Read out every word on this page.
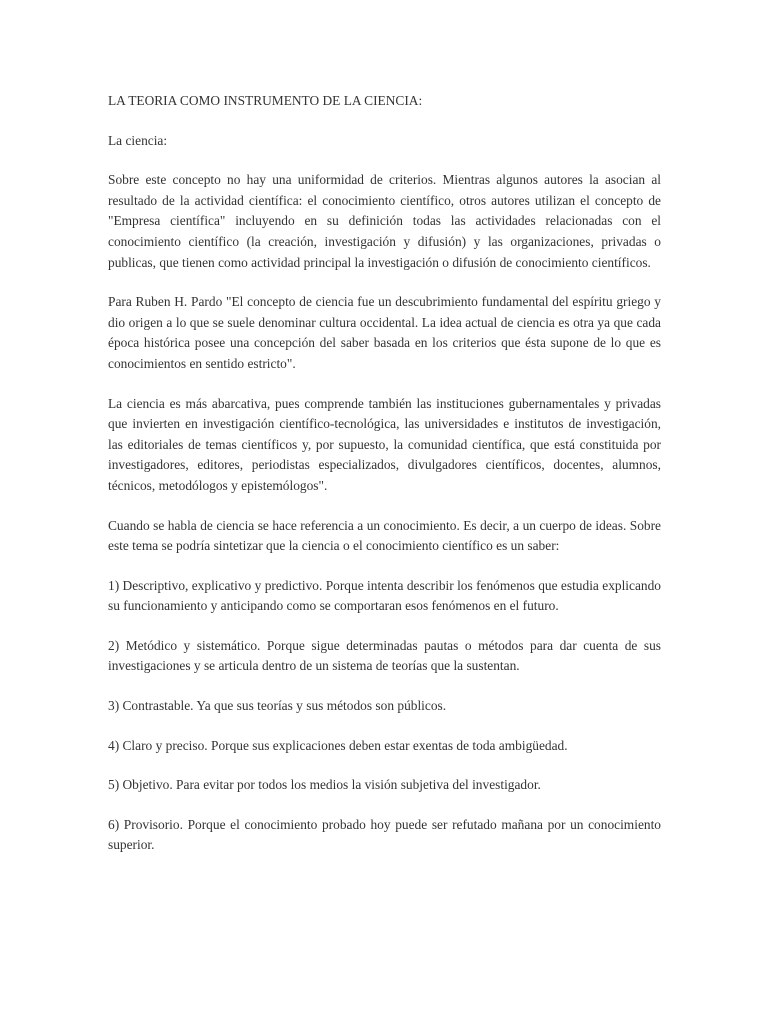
LA TEORIA COMO INSTRUMENTO DE LA CIENCIA:

La ciencia:

Sobre este concepto no hay una uniformidad de criterios. Mientras algunos autores la asocian al resultado de la actividad científica: el conocimiento científico, otros autores utilizan el concepto de "Empresa científica" incluyendo en su definición todas las actividades relacionadas con el conocimiento científico (la creación, investigación y difusión) y las organizaciones, privadas o publicas, que tienen como actividad principal la investigación o difusión de conocimiento científicos.

Para Ruben H. Pardo "El concepto de ciencia fue un descubrimiento fundamental del espíritu griego y dio origen a lo que se suele denominar cultura occidental. La idea actual de ciencia es otra ya que cada época histórica posee una concepción del saber basada en los criterios que ésta supone de lo que es conocimientos en sentido estricto".

La ciencia es más abarcativa, pues comprende también las instituciones gubernamentales y privadas que invierten en investigación científico-tecnológica, las universidades e institutos de investigación, las editoriales de temas científicos y, por supuesto, la comunidad científica, que está constituida por investigadores, editores, periodistas especializados, divulgadores científicos, docentes, alumnos, técnicos, metodólogos y epistemólogos".

Cuando se habla de ciencia se hace referencia a un conocimiento. Es decir, a un cuerpo de ideas. Sobre este tema se podría sintetizar que la ciencia o el conocimiento científico es un saber:

1) Descriptivo, explicativo y predictivo. Porque intenta describir los fenómenos que estudia explicando su funcionamiento y anticipando como se comportaran esos fenómenos en el futuro.

2) Metódico y sistemático. Porque sigue determinadas pautas o métodos para dar cuenta de sus investigaciones y se articula dentro de un sistema de teorías que la sustentan.

3) Contrastable. Ya que sus teorías y sus métodos son públicos.

4) Claro y preciso. Porque sus explicaciones deben estar exentas de toda ambigüedad.

5) Objetivo. Para evitar por todos los medios la visión subjetiva del investigador.

6) Provisorio. Porque el conocimiento probado hoy puede ser refutado mañana por un conocimiento superior.
